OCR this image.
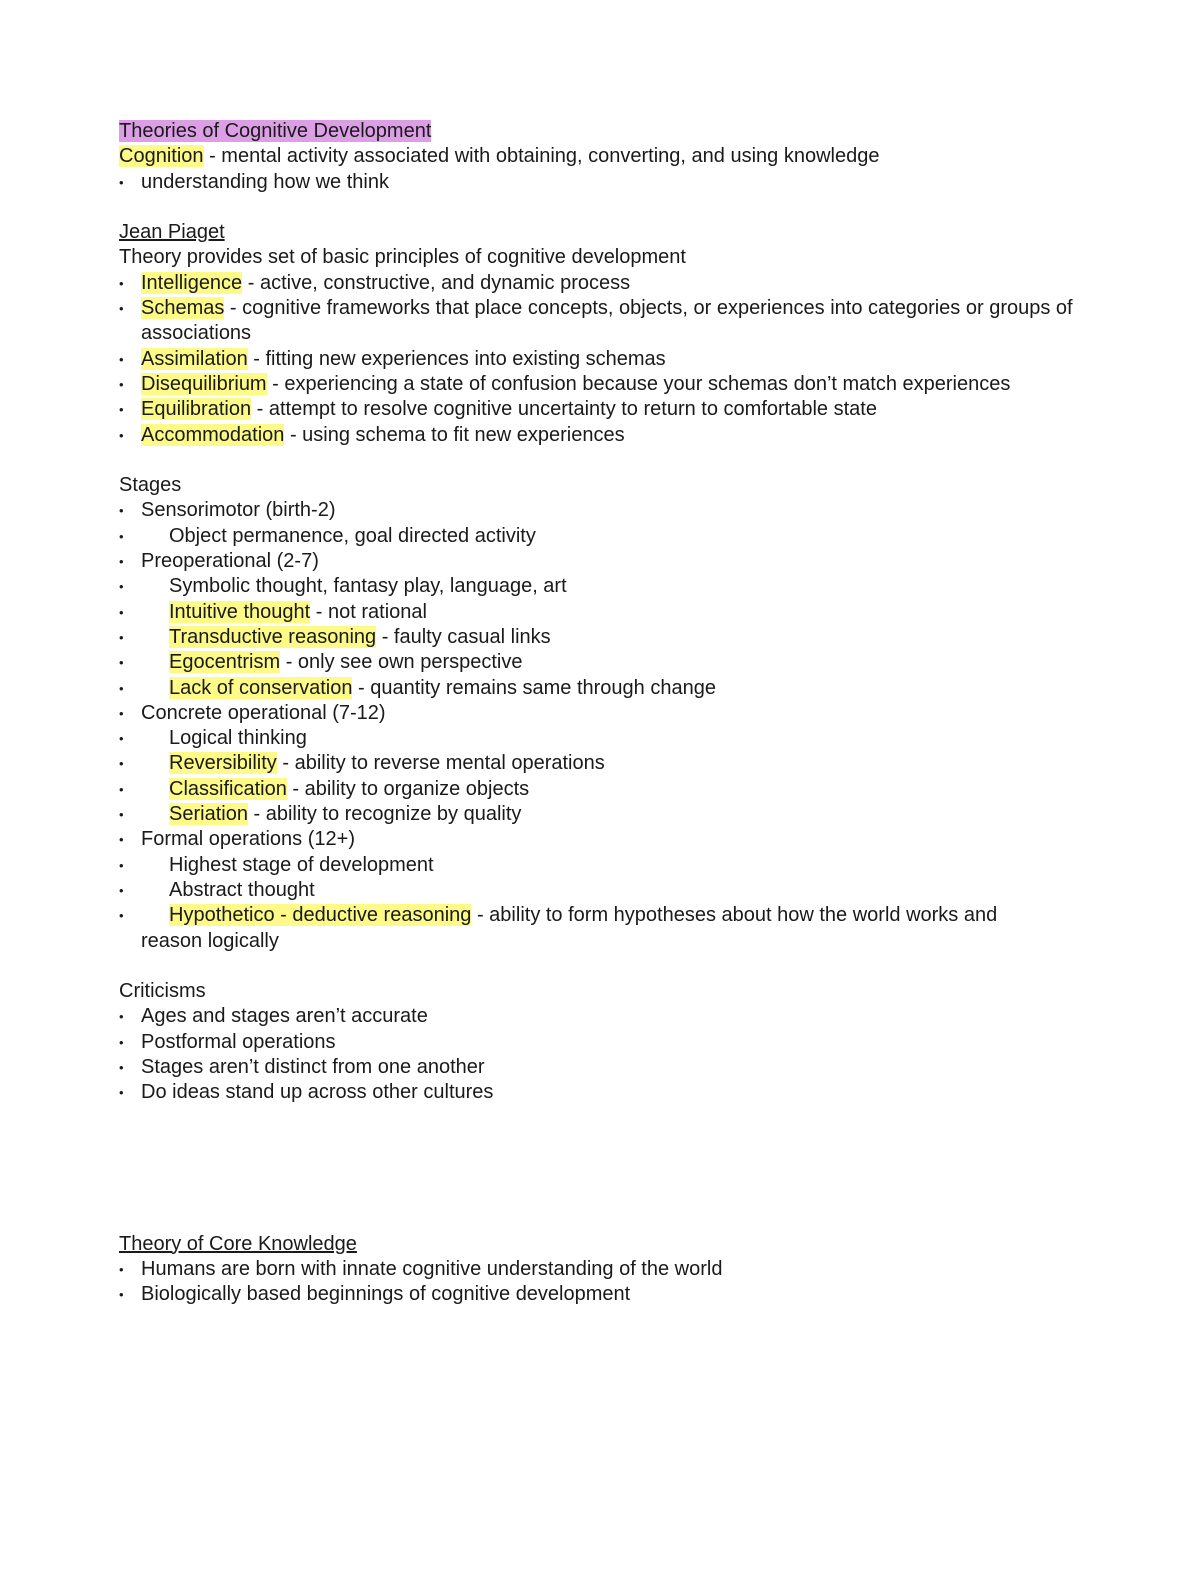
Theories of Cognitive Development
Cognition - mental activity associated with obtaining, converting, and using knowledge
• understanding how we think
Jean Piaget
Theory provides set of basic principles of cognitive development
• Intelligence - active, constructive, and dynamic process
• Schemas - cognitive frameworks that place concepts, objects, or experiences into categories or groups of associations
• Assimilation - fitting new experiences into existing schemas
• Disequilibrium - experiencing a state of confusion because your schemas don’t match experiences
• Equilibration - attempt to resolve cognitive uncertainty to return to comfortable state
• Accommodation - using schema to fit new experiences
Stages
• Sensorimotor (birth-2)
• Object permanence, goal directed activity
• Preoperational (2-7)
• Symbolic thought, fantasy play, language, art
• Intuitive thought - not rational
• Transductive reasoning - faulty casual links
• Egocentrism - only see own perspective
• Lack of conservation - quantity remains same through change
• Concrete operational (7-12)
• Logical thinking
• Reversibility - ability to reverse mental operations
• Classification - ability to organize objects
• Seriation - ability to recognize by quality
• Formal operations (12+)
• Highest stage of development
• Abstract thought
• Hypothetico - deductive reasoning - ability to form hypotheses about how the world works and
reason logically
Criticisms
• Ages and stages aren’t accurate
• Postformal operations
• Stages aren’t distinct from one another
• Do ideas stand up across other cultures
Theory of Core Knowledge
• Humans are born with innate cognitive understanding of the world
• Biologically based beginnings of cognitive development
